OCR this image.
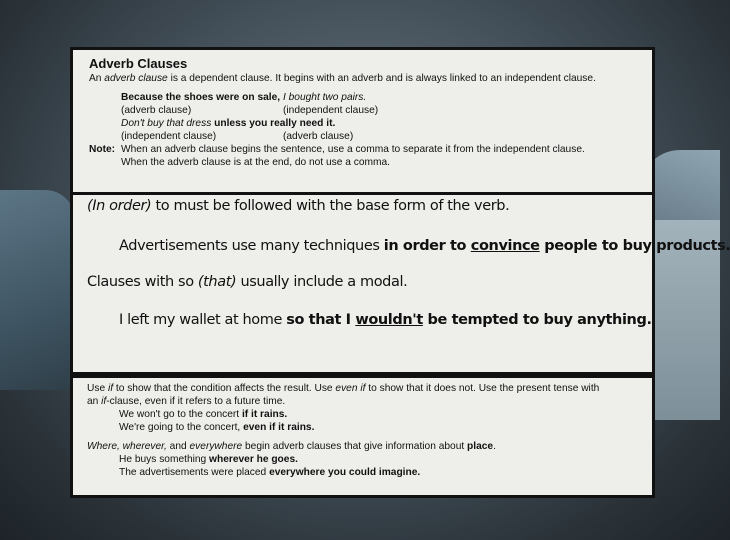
Adverb Clauses
An adverb clause is a dependent clause. It begins with an adverb and is always linked to an independent clause.
Because the shoes were on sale, I bought two pairs.
(adverb clause)	(independent clause)
Don't buy that dress unless you really need it.
(independent clause)	(adverb clause)
Note: When an adverb clause begins the sentence, use a comma to separate it from the independent clause.
When the adverb clause is at the end, do not use a comma.
(In order) to must be followed with the base form of the verb.
Advertisements use many techniques in order to convince people to buy products.
Clauses with so (that) usually include a modal.
I left my wallet at home so that I wouldn't be tempted to buy anything.
Use if to show that the condition affects the result. Use even if to show that it does not. Use the present tense with
an if-clause, even if it refers to a future time.
We won't go to the concert if it rains.
We're going to the concert, even if it rains.
Where, wherever, and everywhere begin adverb clauses that give information about place.
He buys something wherever he goes.
The advertisements were placed everywhere you could imagine.
